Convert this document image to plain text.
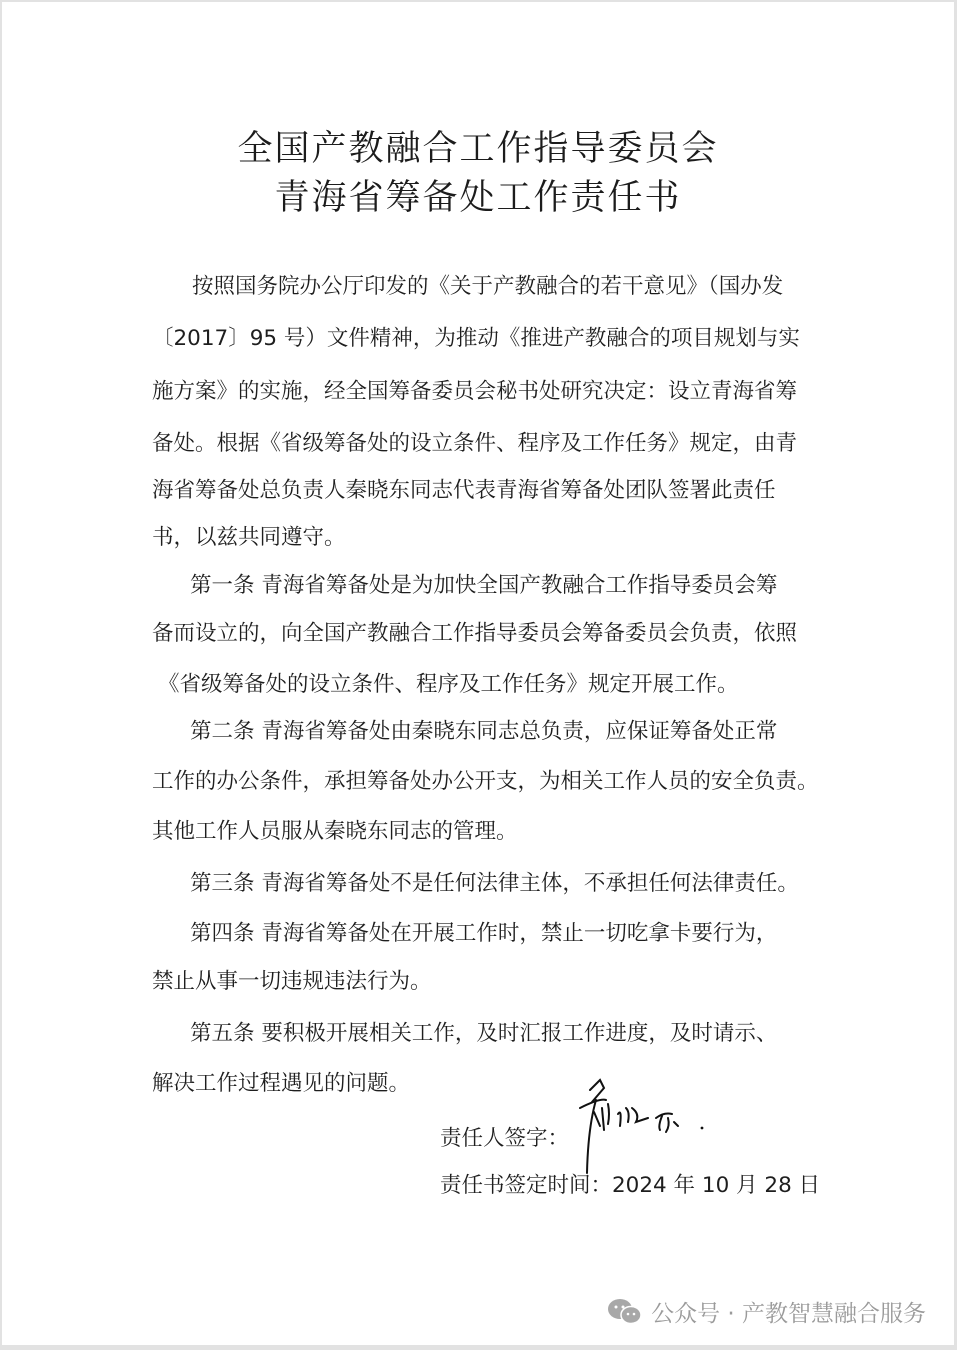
全国产教融合工作指导委员会
青海省筹备处工作责任书
按照国务院办公厅印发的《关于产教融合的若干意见》（国办发
〔2017〕95 号）文件精神，为推动《推进产教融合的项目规划与实
施方案》的实施，经全国筹备委员会秘书处研究决定：设立青海省筹
备处。根据《省级筹备处的设立条件、程序及工作任务》规定，由青
海省筹备处总负责人秦晓东同志代表青海省筹备处团队签署此责任
书，以兹共同遵守。
第一条 青海省筹备处是为加快全国产教融合工作指导委员会筹
备而设立的，向全国产教融合工作指导委员会筹备委员会负责，依照
《省级筹备处的设立条件、程序及工作任务》规定开展工作。
第二条 青海省筹备处由秦晓东同志总负责，应保证筹备处正常
工作的办公条件，承担筹备处办公开支，为相关工作人员的安全负责。
其他工作人员服从秦晓东同志的管理。
第三条 青海省筹备处不是任何法律主体，不承担任何法律责任。
第四条 青海省筹备处在开展工作时，禁止一切吃拿卡要行为，
禁止从事一切违规违法行为。
第五条 要积极开展相关工作，及时汇报工作进度，及时请示、
解决工作过程遇见的问题。
责任人签字：
责任书签定时间：2024 年 10 月 28 日
公众号 · 产教智慧融合服务
